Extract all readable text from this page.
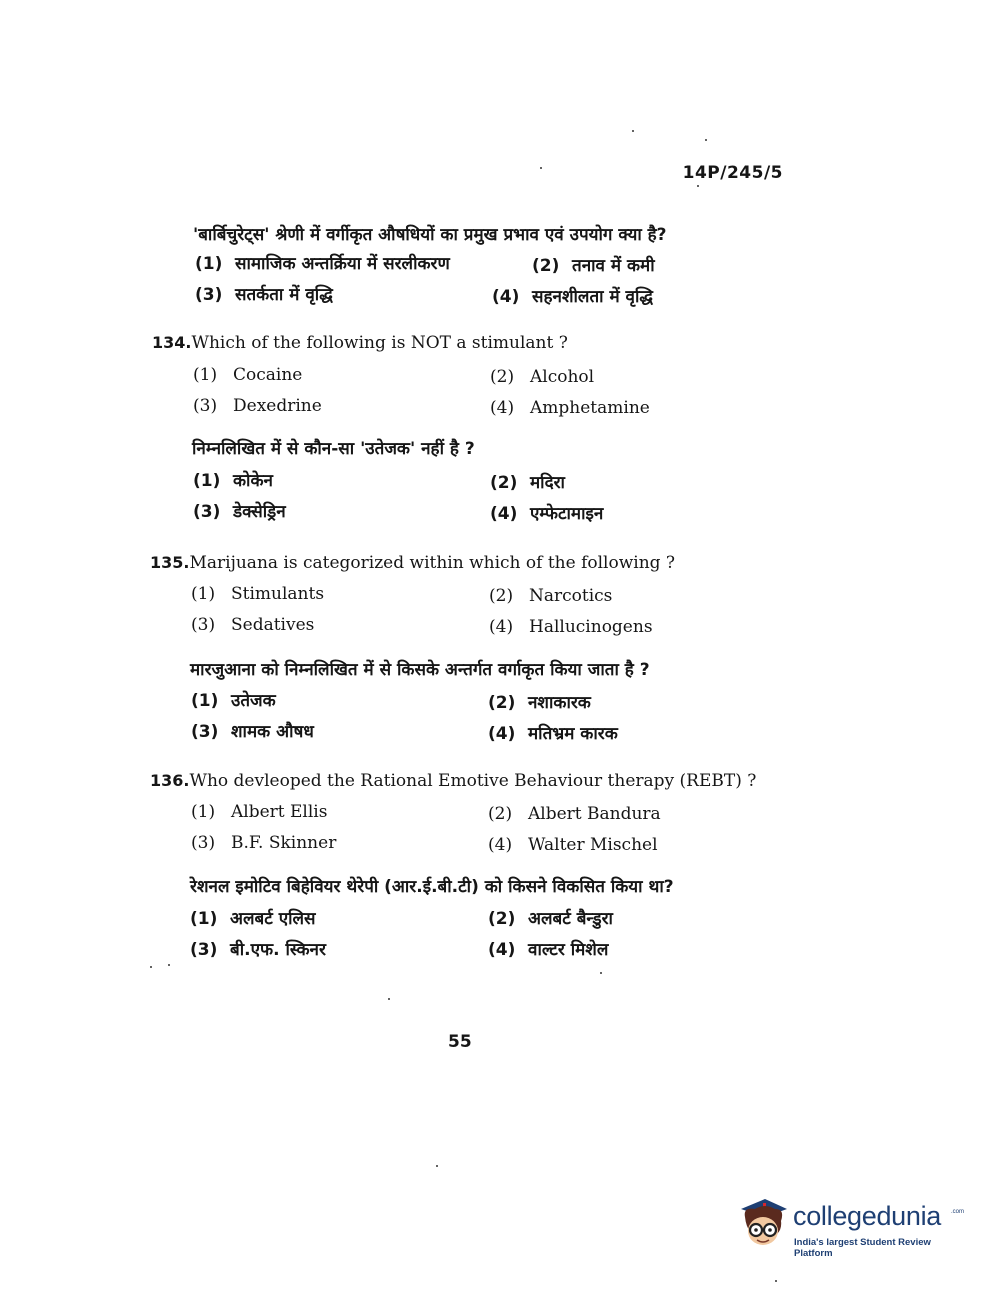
14P/245/5
'बार्बिचुरेट्स' श्रेणी में वर्गीकृत औषधियों का प्रमुख प्रभाव एवं उपयोग क्या है?
(1) सामाजिक अन्तर्क्रिया में सरलीकरण	(2) तनाव में कमी
(3) सतर्कता में वृद्धि	(4) सहनशीलता में वृद्धि
134.Which of the following is NOT a stimulant ?
(1) Cocaine	(2) Alcohol
(3) Dexedrine	(4) Amphetamine
निम्नलिखित में से कौन-सा 'उतेजक' नहीं है ?
(1) कोकेन	(2) मदिरा
(3) डेक्सेड्रिन	(4) एम्फेटामाइन
135.Marijuana is categorized within which of the following ?
(1) Stimulants	(2) Narcotics
(3) Sedatives	(4) Hallucinogens
मारजुआना को निम्नलिखित में से किसके अन्तर्गत वर्गाकृत किया जाता है ?
(1) उतेजक	(2) नशाकारक
(3) शामक औषध	(4) मतिभ्रम कारक
136.Who devleoped the Rational Emotive Behaviour therapy (REBT) ?
(1) Albert Ellis	(2) Albert Bandura
(3) B.F. Skinner	(4) Walter Mischel
रेशनल इमोटिव बिहेवियर थेरेपी (आर.ई.बी.टी) को किसने विकसित किया था?
(1) अलबर्ट एलिस	(2) अलबर्ट बैन्डुरा
(3) बी.एफ. स्किनर	(4) वाल्टर मिशेल
55
collegedunia .com
India's largest Student Review Platform
